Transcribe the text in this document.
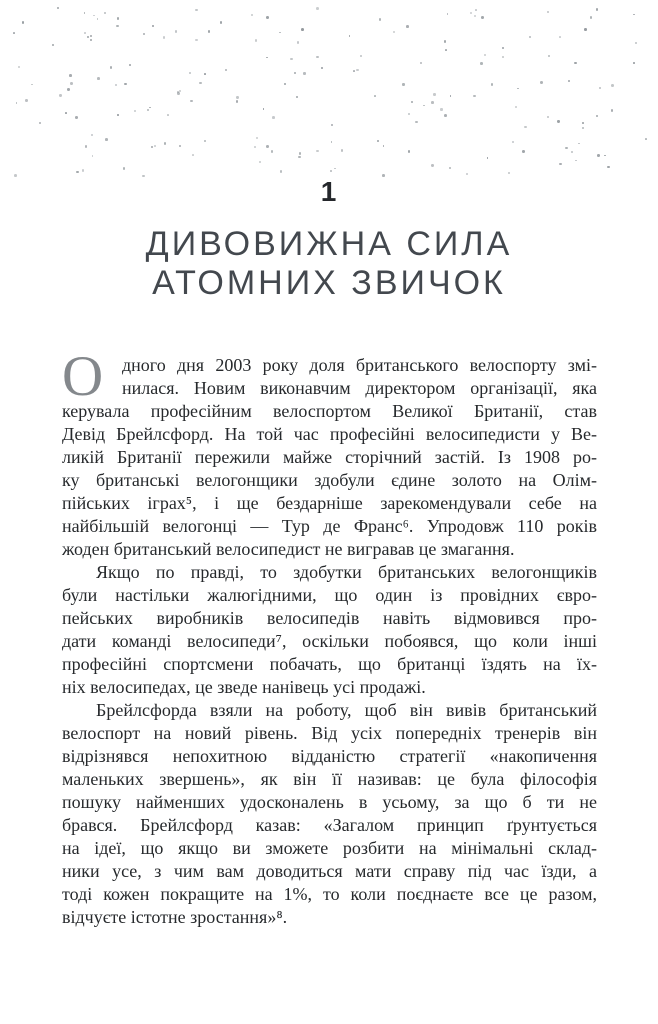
1
ДИВОВИЖНА СИЛА
АТОМНИХ ЗВИЧОК
О	дного дня 2003 року доля британського велоспорту змі-
нилася. Новим виконавчим директором організації, яка
керувала професійним велоспортом Великої Британії, став
Девід Брейлсфорд. На той час професійні велосипедисти у Ве-
ликій Британії пережили майже сторічний застій. Із 1908 ро-
ку британські велогонщики здобули єдине золото на Олім-
пійських іграх⁵, і ще бездарніше зарекомендували себе на
найбільшій велогонці — Тур де Франс⁶. Упродовж 110 років
жоден британський велосипедист не вигравав це змагання.
Якщо по правді, то здобутки британських велогонщиків
були настільки жалюгідними, що один із провідних євро-
пейських виробників велосипедів навіть відмовився про-
дати команді велосипеди⁷, оскільки побоявся, що коли інші
професійні спортсмени побачать, що британці їздять на їх-
ніх велосипедах, це зведе нанівець усі продажі.
Брейлсфорда взяли на роботу, щоб він вивів британський
велоспорт на новий рівень. Від усіх попередніх тренерів він
відрізнявся непохитною відданістю стратегії «накопичення
маленьких звершень», як він її називав: це була філософія
пошуку найменших удосконалень в усьому, за що б ти не
брався. Брейлсфорд казав: «Загалом принцип ґрунтується
на ідеї, що якщо ви зможете розбити на мінімальні склад-
ники усе, з чим вам доводиться мати справу під час їзди, а
тоді кожен покращите на 1%, то коли поєднаєте все це разом,
відчуєте істотне зростання»⁸.
